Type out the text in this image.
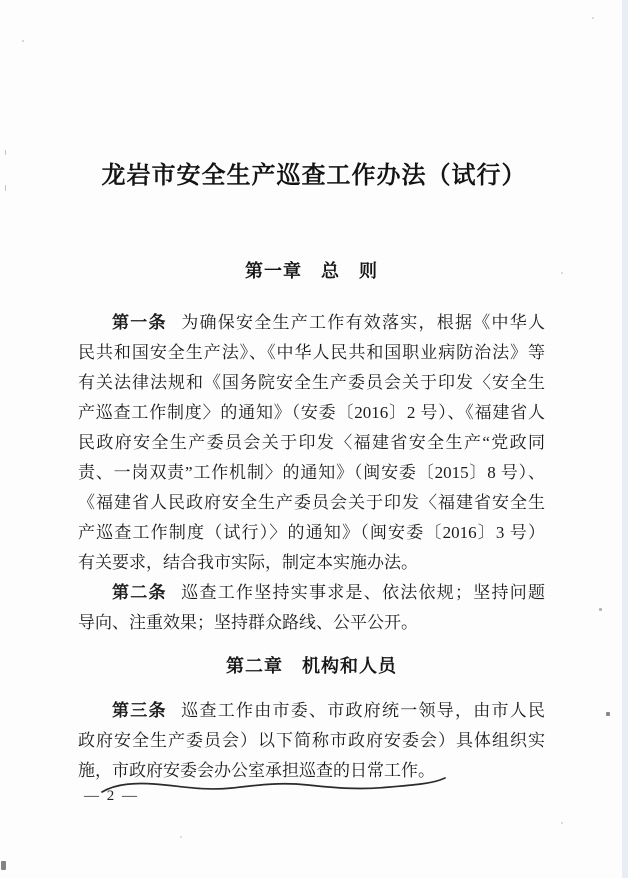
龙岩市安全生产巡查工作办法（试行）
第一章　总　则
第一条 为确保安全生产工作有效落实，根据《中华人
民共和国安全生产法》、《中华人民共和国职业病防治法》等
有关法律法规和《国务院安全生产委员会关于印发〈安全生
产巡查工作制度〉的通知》（安委〔2016〕2 号）、《福建省人
民政府安全生产委员会关于印发〈福建省安全生产“党政同
责、一岗双责”工作机制〉的通知》（闽安委〔2015〕8 号）、
《福建省人民政府安全生产委员会关于印发〈福建省安全生
产巡查工作制度（试行）〉的通知》（闽安委〔2016〕3 号）
有关要求，结合我市实际，制定本实施办法。
第二条 巡查工作坚持实事求是、依法依规；坚持问题
导向、注重效果；坚持群众路线、公平公开。
第二章　机构和人员
第三条 巡查工作由市委、市政府统一领导，由市人民
政府安全生产委员会）以下简称市政府安委会）具体组织实
施，市政府安委会办公室承担巡查的日常工作。
— 2 —
